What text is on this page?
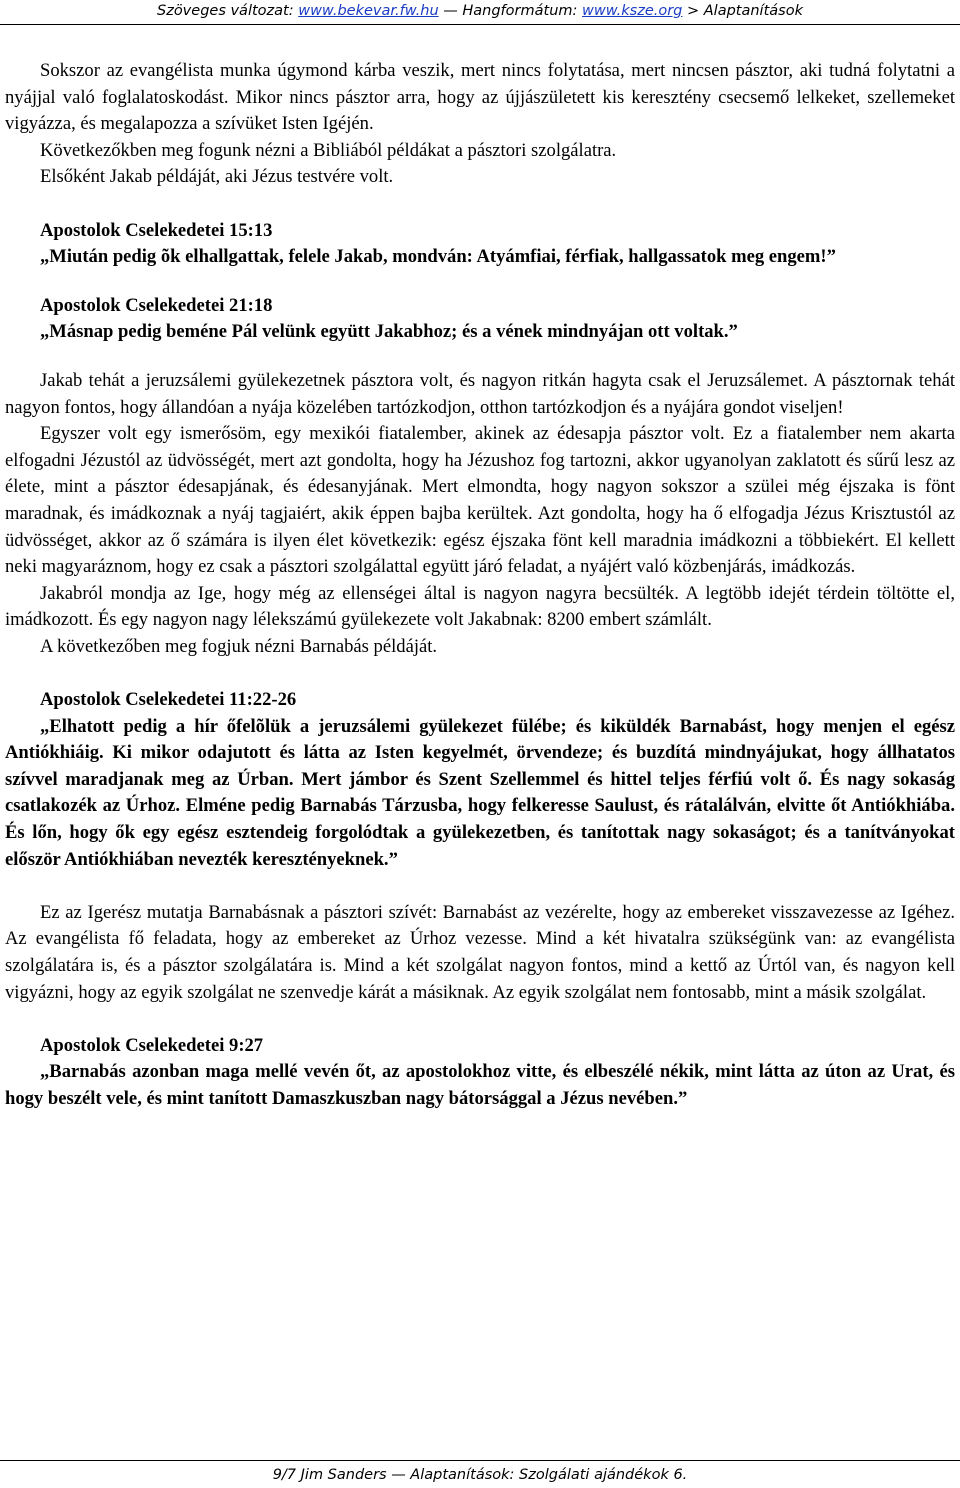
Szöveges változat: www.bekevar.fw.hu — Hangformátum: www.ksze.org > Alaptanítások

Sokszor az evangélista munka úgymond kárba veszik, mert nincs folytatása, mert nincsen pásztor, aki tudná folytatni a nyájjal való foglalatoskodást. Mikor nincs pásztor arra, hogy az újjászületett kis keresztény csecsemő lelkeket, szellemeket vigyázza, és megalapozza a szívüket Isten Igéjén.

Következőkben meg fogunk nézni a Bibliából példákat a pásztori szolgálatra.

Elsőként Jakab példáját, aki Jézus testvére volt.

Apostolok Cselekedetei 15:13

„Miután pedig õk elhallgattak, felele Jakab, mondván: Atyámfiai, férfiak, hallgassatok meg engem!”

Apostolok Cselekedetei 21:18

„Másnap pedig beméne Pál velünk együtt Jakabhoz; és a vének mindnyájan ott voltak.”

Jakab tehát a jeruzsálemi gyülekezetnek pásztora volt, és nagyon ritkán hagyta csak el Jeruzsálemet. A pásztornak tehát nagyon fontos, hogy állandóan a nyája közelében tartózkodjon, otthon tartózkodjon és a nyájára gondot viseljen!

Egyszer volt egy ismerősöm, egy mexikói fiatalember, akinek az édesapja pásztor volt. Ez a fiatalember nem akarta elfogadni Jézustól az üdvösségét, mert azt gondolta, hogy ha Jézushoz fog tartozni, akkor ugyanolyan zaklatott és sűrű lesz az élete, mint a pásztor édesapjának, és édesanyjának. Mert elmondta, hogy nagyon sokszor a szülei még éjszaka is fönt maradnak, és imádkoznak a nyáj tagjaiért, akik éppen bajba kerültek. Azt gondolta, hogy ha ő elfogadja Jézus Krisztustól az üdvösséget, akkor az ő számára is ilyen élet következik: egész éjszaka fönt kell maradnia imádkozni a többiekért. El kellett neki magyaráznom, hogy ez csak a pásztori szolgálattal együtt járó feladat, a nyájért való közbenjárás, imádkozás.

Jakabról mondja az Ige, hogy még az ellenségei által is nagyon nagyra becsülték. A legtöbb idejét térdein töltötte el, imádkozott. És egy nagyon nagy lélekszámú gyülekezete volt Jakabnak: 8200 embert számlált.

A következőben meg fogjuk nézni Barnabás példáját.

Apostolok Cselekedetei 11:22-26

„Elhatott pedig a hír őfelõlük a jeruzsálemi gyülekezet fülébe; és kiküldék Barnabást, hogy menjen el egész Antiókhiáig. Ki mikor odajutott és látta az Isten kegyelmét, örvendeze; és buzdítá mindnyájukat, hogy állhatatos szívvel maradjanak meg az Úrban. Mert jámbor és Szent Szellemmel és hittel teljes férfiú volt ő. És nagy sokaság csatlakozék az Úrhoz. Elméne pedig Barnabás Tárzusba, hogy felkeresse Saulust, és rátalálván, elvitte őt Antiókhiába. És lőn, hogy ők egy egész esztendeig forgolódtak a gyülekezetben, és tanítottak nagy sokaságot; és a tanítványokat először Antiókhiában nevezték keresztényeknek.”

Ez az Igerész mutatja Barnabásnak a pásztori szívét: Barnabást az vezérelte, hogy az embereket visszavezesse az Igéhez. Az evangélista fő feladata, hogy az embereket az Úrhoz vezesse. Mind a két hivatalra szükségünk van: az evangélista szolgálatára is, és a pásztor szolgálatára is. Mind a két szolgálat nagyon fontos, mind a kettő az Úrtól van, és nagyon kell vigyázni, hogy az egyik szolgálat ne szenvedje kárát a másiknak. Az egyik szolgálat nem fontosabb, mint a másik szolgálat.

Apostolok Cselekedetei 9:27

„Barnabás azonban maga mellé vevén őt, az apostolokhoz vitte, és elbeszélé nékik, mint látta az úton az Urat, és hogy beszélt vele, és mint tanított Damaszkuszban nagy bátorsággal a Jézus nevében.”

9/7 Jim Sanders — Alaptanítások: Szolgálati ajándékok 6.
